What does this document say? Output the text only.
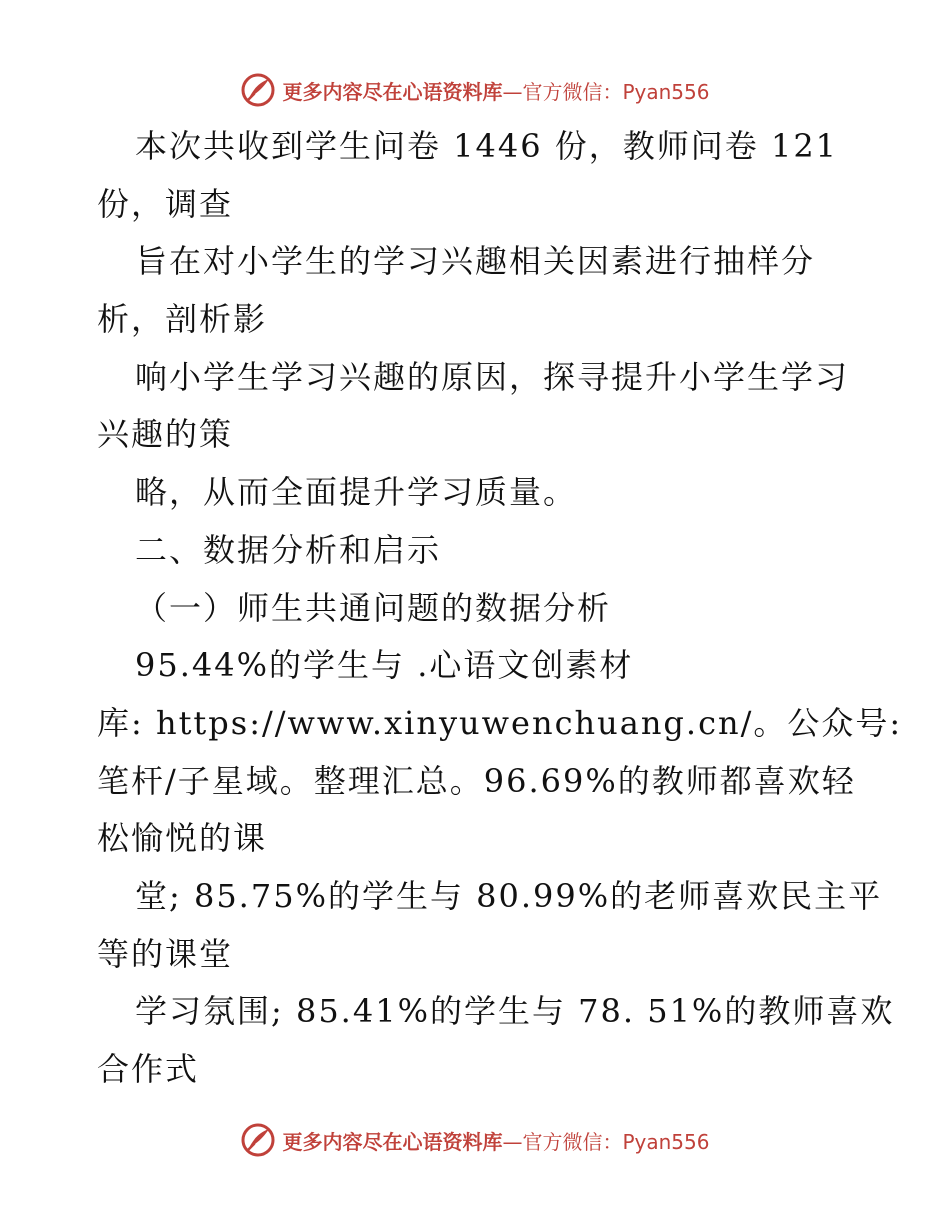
更多内容尽在心语资料库—官方微信：Pyan556
本次共收到学生问卷 1446 份，教师问卷 121
份，调查
旨在对小学生的学习兴趣相关因素进行抽样分
析，剖析影
响小学生学习兴趣的原因，探寻提升小学生学习
兴趣的策
略，从而全面提升学习质量。
二、数据分析和启示
（一）师生共通问题的数据分析
95.44%的学生与 .心语文创素材
库: https://www.xinyuwenchuang.cn/。公众号:
笔杆/子星域。整理汇总。96.69%的教师都喜欢轻
松愉悦的课
堂; 85.75%的学生与 80.99%的老师喜欢民主平
等的课堂
学习氛围; 85.41%的学生与 78. 51%的教师喜欢
合作式
更多内容尽在心语资料库—官方微信：Pyan556
